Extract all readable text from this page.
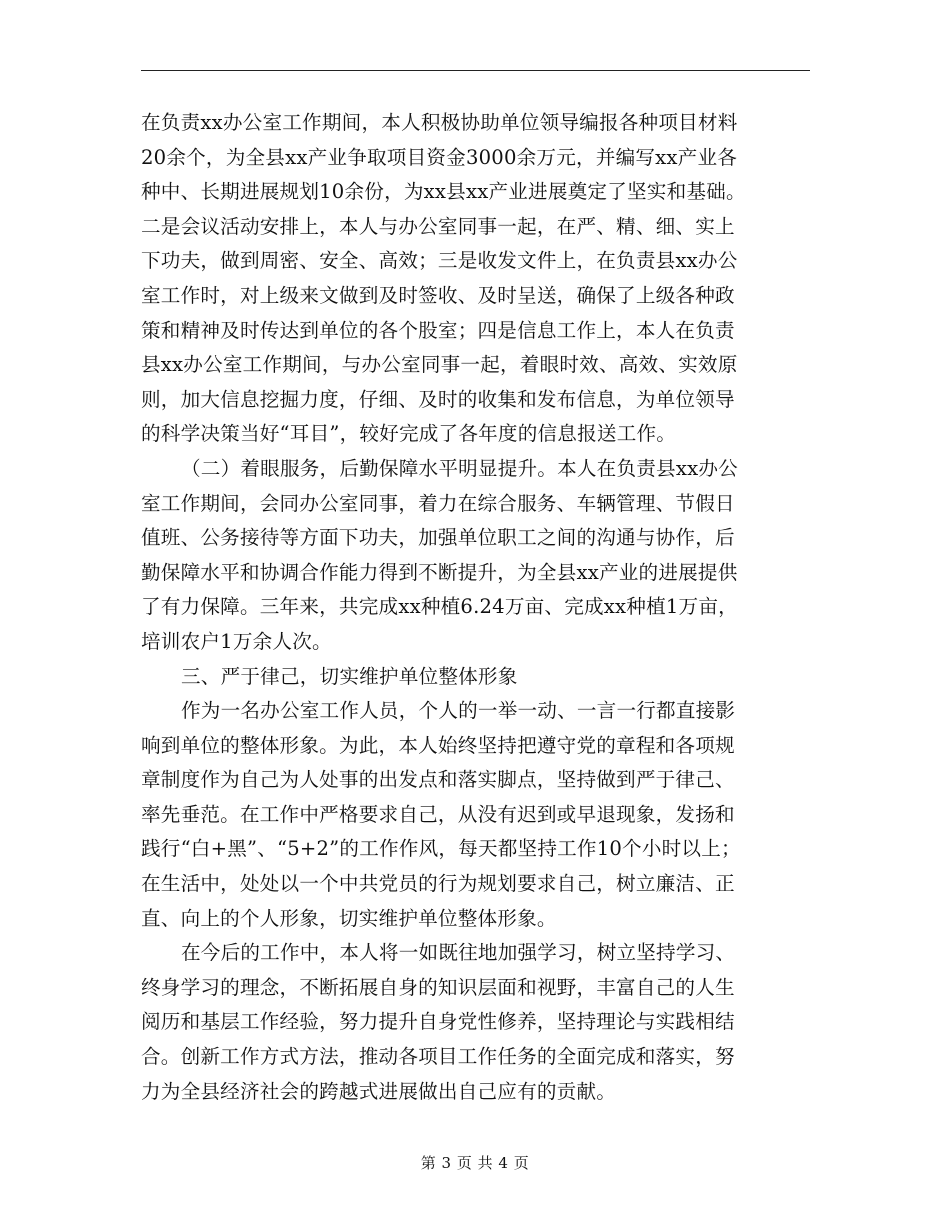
在负责xx办公室工作期间，本人积极协助单位领导编报各种项目材料
20余个，为全县xx产业争取项目资金3000余万元，并编写xx产业各
种中、长期进展规划10余份，为xx县xx产业进展奠定了坚实和基础。
二是会议活动安排上，本人与办公室同事一起，在严、精、细、实上
下功夫，做到周密、安全、高效；三是收发文件上，在负责县xx办公
室工作时，对上级来文做到及时签收、及时呈送，确保了上级各种政
策和精神及时传达到单位的各个股室；四是信息工作上，本人在负责
县xx办公室工作期间，与办公室同事一起，着眼时效、高效、实效原
则，加大信息挖掘力度，仔细、及时的收集和发布信息，为单位领导
的科学决策当好“耳目”，较好完成了各年度的信息报送工作。
（二）着眼服务，后勤保障水平明显提升。本人在负责县xx办公
室工作期间，会同办公室同事，着力在综合服务、车辆管理、节假日
值班、公务接待等方面下功夫，加强单位职工之间的沟通与协作，后
勤保障水平和协调合作能力得到不断提升，为全县xx产业的进展提供
了有力保障。三年来，共完成xx种植6.24万亩、完成xx种植1万亩，
培训农户1万余人次。
三、严于律己，切实维护单位整体形象
作为一名办公室工作人员，个人的一举一动、一言一行都直接影
响到单位的整体形象。为此，本人始终坚持把遵守党的章程和各项规
章制度作为自己为人处事的出发点和落实脚点，坚持做到严于律己、
率先垂范。在工作中严格要求自己，从没有迟到或早退现象，发扬和
践行“白+黑”、“5+2”的工作作风，每天都坚持工作10个小时以上；
在生活中，处处以一个中共党员的行为规划要求自己，树立廉洁、正
直、向上的个人形象，切实维护单位整体形象。
在今后的工作中，本人将一如既往地加强学习，树立坚持学习、
终身学习的理念，不断拓展自身的知识层面和视野，丰富自己的人生
阅历和基层工作经验，努力提升自身党性修养，坚持理论与实践相结
合。创新工作方式方法，推动各项目工作任务的全面完成和落实，努
力为全县经济社会的跨越式进展做出自己应有的贡献。
第 3 页 共 4 页
